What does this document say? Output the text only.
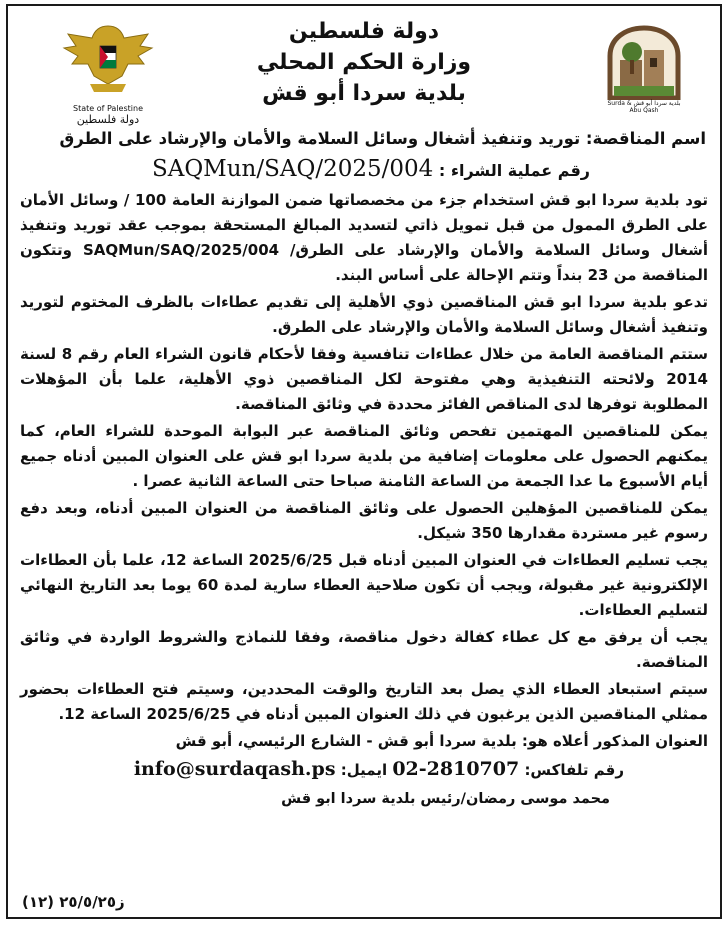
دولة فلسطين
وزارة الحكم المحلي
بلدية سردا أبو قش
State of Palestine
دولة فلسطين
بلدية سردا أبو قش Surda & Abu Qash
اسم المناقصة: توريد وتنفيذ أشغال وسائل السلامة والأمان والإرشاد على الطرق
رقم عملية الشراء : SAQMun/SAQ/2025/004

تود بلدية سردا ابو قش استخدام جزء من مخصصاتها ضمن الموازنة العامة 100 / وسائل الأمان على الطرق الممول من قبل تمويل ذاتي لتسديد المبالغ المستحقة بموجب عقد توريد وتنفيذ أشغال وسائل السلامة والأمان والإرشاد على الطرق/ 004/SAQMun/SAQ/2025 وتتكون المناقصة من 23 بنداً وتتم الإحالة على أساس البند.

تدعو بلدية سردا ابو قش المناقصين ذوي الأهلية إلى تقديم عطاءات بالظرف المختوم لتوريد وتنفيذ أشغال وسائل السلامة والأمان والإرشاد على الطرق.

ستتم المناقصة العامة من خلال عطاءات تنافسية وفقا لأحكام قانون الشراء العام رقم 8 لسنة 2014 ولائحته التنفيذية وهي مفتوحة لكل المناقصين ذوي الأهلية، علما بأن المؤهلات المطلوبة توفرها لدى المناقص الفائز محددة في وثائق المناقصة.

يمكن للمناقصين المهتمين تفحص وثائق المناقصة عبر البوابة الموحدة للشراء العام، كما يمكنهم الحصول على معلومات إضافية من بلدية سردا ابو قش على العنوان المبين أدناه جميع أيام الأسبوع ما عدا الجمعة من الساعة الثامنة صباحا حتى الساعة الثانية عصرا .

يمكن للمناقصين المؤهلين الحصول على وثائق المناقصة من العنوان المبين أدناه، وبعد دفع رسوم غير مستردة مقدارها 350 شيكل.

يجب تسليم العطاءات في العنوان المبين أدناه قبل 2025/6/25 الساعة 12، علما بأن العطاءات الإلكترونية غير مقبولة، ويجب أن تكون صلاحية العطاء سارية لمدة 60 يوما بعد التاريخ النهائي لتسليم العطاءات.

يجب أن يرفق مع كل عطاء كفالة دخول مناقصة، وفقا للنماذج والشروط الواردة في وثائق المناقصة.

سيتم استبعاد العطاء الذي يصل بعد التاريخ والوقت المحددين، وسيتم فتح العطاءات بحضور ممثلي المناقصين الذين يرغبون في ذلك العنوان المبين أدناه في 2025/6/25 الساعة 12.

العنوان المذكور أعلاه هو: بلدية سردا أبو قش - الشارع الرئيسي، أبو قش

رقم تلفاكس: 02-2810707 ايميل: info@surdaqash.ps
محمد موسى رمضان/رئيس بلدية سردا ابو قش
ز٢٥/٥/٢٥ (١٢)
